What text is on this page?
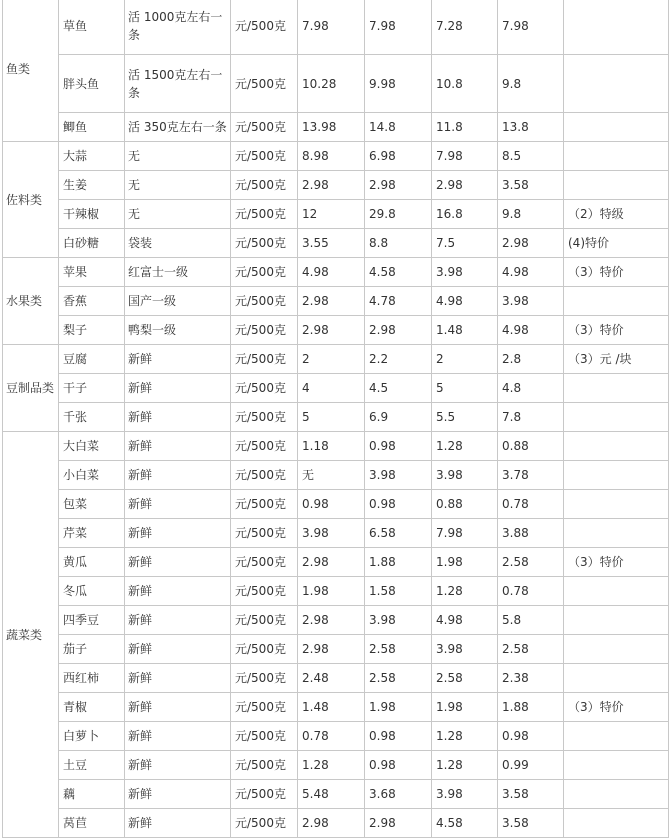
鱼类	草鱼	活 1000克左右一条	元/500克	7.98	7.98	7.28	7.98	
	胖头鱼	活 1500克左右一条	元/500克	10.28	9.98	10.8	9.8	
	鲫鱼	活 350克左右一条	元/500克	13.98	14.8	11.8	13.8	
佐料类	大蒜	无	元/500克	8.98	6.98	7.98	8.5	
	生姜	无	元/500克	2.98	2.98	2.98	3.58	
	干辣椒	无	元/500克	12	29.8	16.8	9.8	（2）特级
	白砂糖	袋装	元/500克	3.55	8.8	7.5	2.98	(4)特价
水果类	苹果	红富士一级	元/500克	4.98	4.58	3.98	4.98	（3）特价
	香蕉	国产一级	元/500克	2.98	4.78	4.98	3.98	
	梨子	鸭梨一级	元/500克	2.98	2.98	1.48	4.98	（3）特价
豆制品类	豆腐	新鲜	元/500克	2	2.2	2	2.8	（3）元 /块
	干子	新鲜	元/500克	4	4.5	5	4.8	
	千张	新鲜	元/500克	5	6.9	5.5	7.8	
蔬菜类	大白菜	新鲜	元/500克	1.18	0.98	1.28	0.88	
	小白菜	新鲜	元/500克	无	3.98	3.98	3.78	
	包菜	新鲜	元/500克	0.98	0.98	0.88	0.78	
	芹菜	新鲜	元/500克	3.98	6.58	7.98	3.88	
	黄瓜	新鲜	元/500克	2.98	1.88	1.98	2.58	（3）特价
	冬瓜	新鲜	元/500克	1.98	1.58	1.28	0.78	
	四季豆	新鲜	元/500克	2.98	3.98	4.98	5.8	
	茄子	新鲜	元/500克	2.98	2.58	3.98	2.58	
	西红柿	新鲜	元/500克	2.48	2.58	2.58	2.38	
	青椒	新鲜	元/500克	1.48	1.98	1.98	1.88	（3）特价
	白萝卜	新鲜	元/500克	0.78	0.98	1.28	0.98	
	土豆	新鲜	元/500克	1.28	0.98	1.28	0.99	
	藕	新鲜	元/500克	5.48	3.68	3.98	3.58	
	莴苣	新鲜	元/500克	2.98	2.98	4.58	3.58	
